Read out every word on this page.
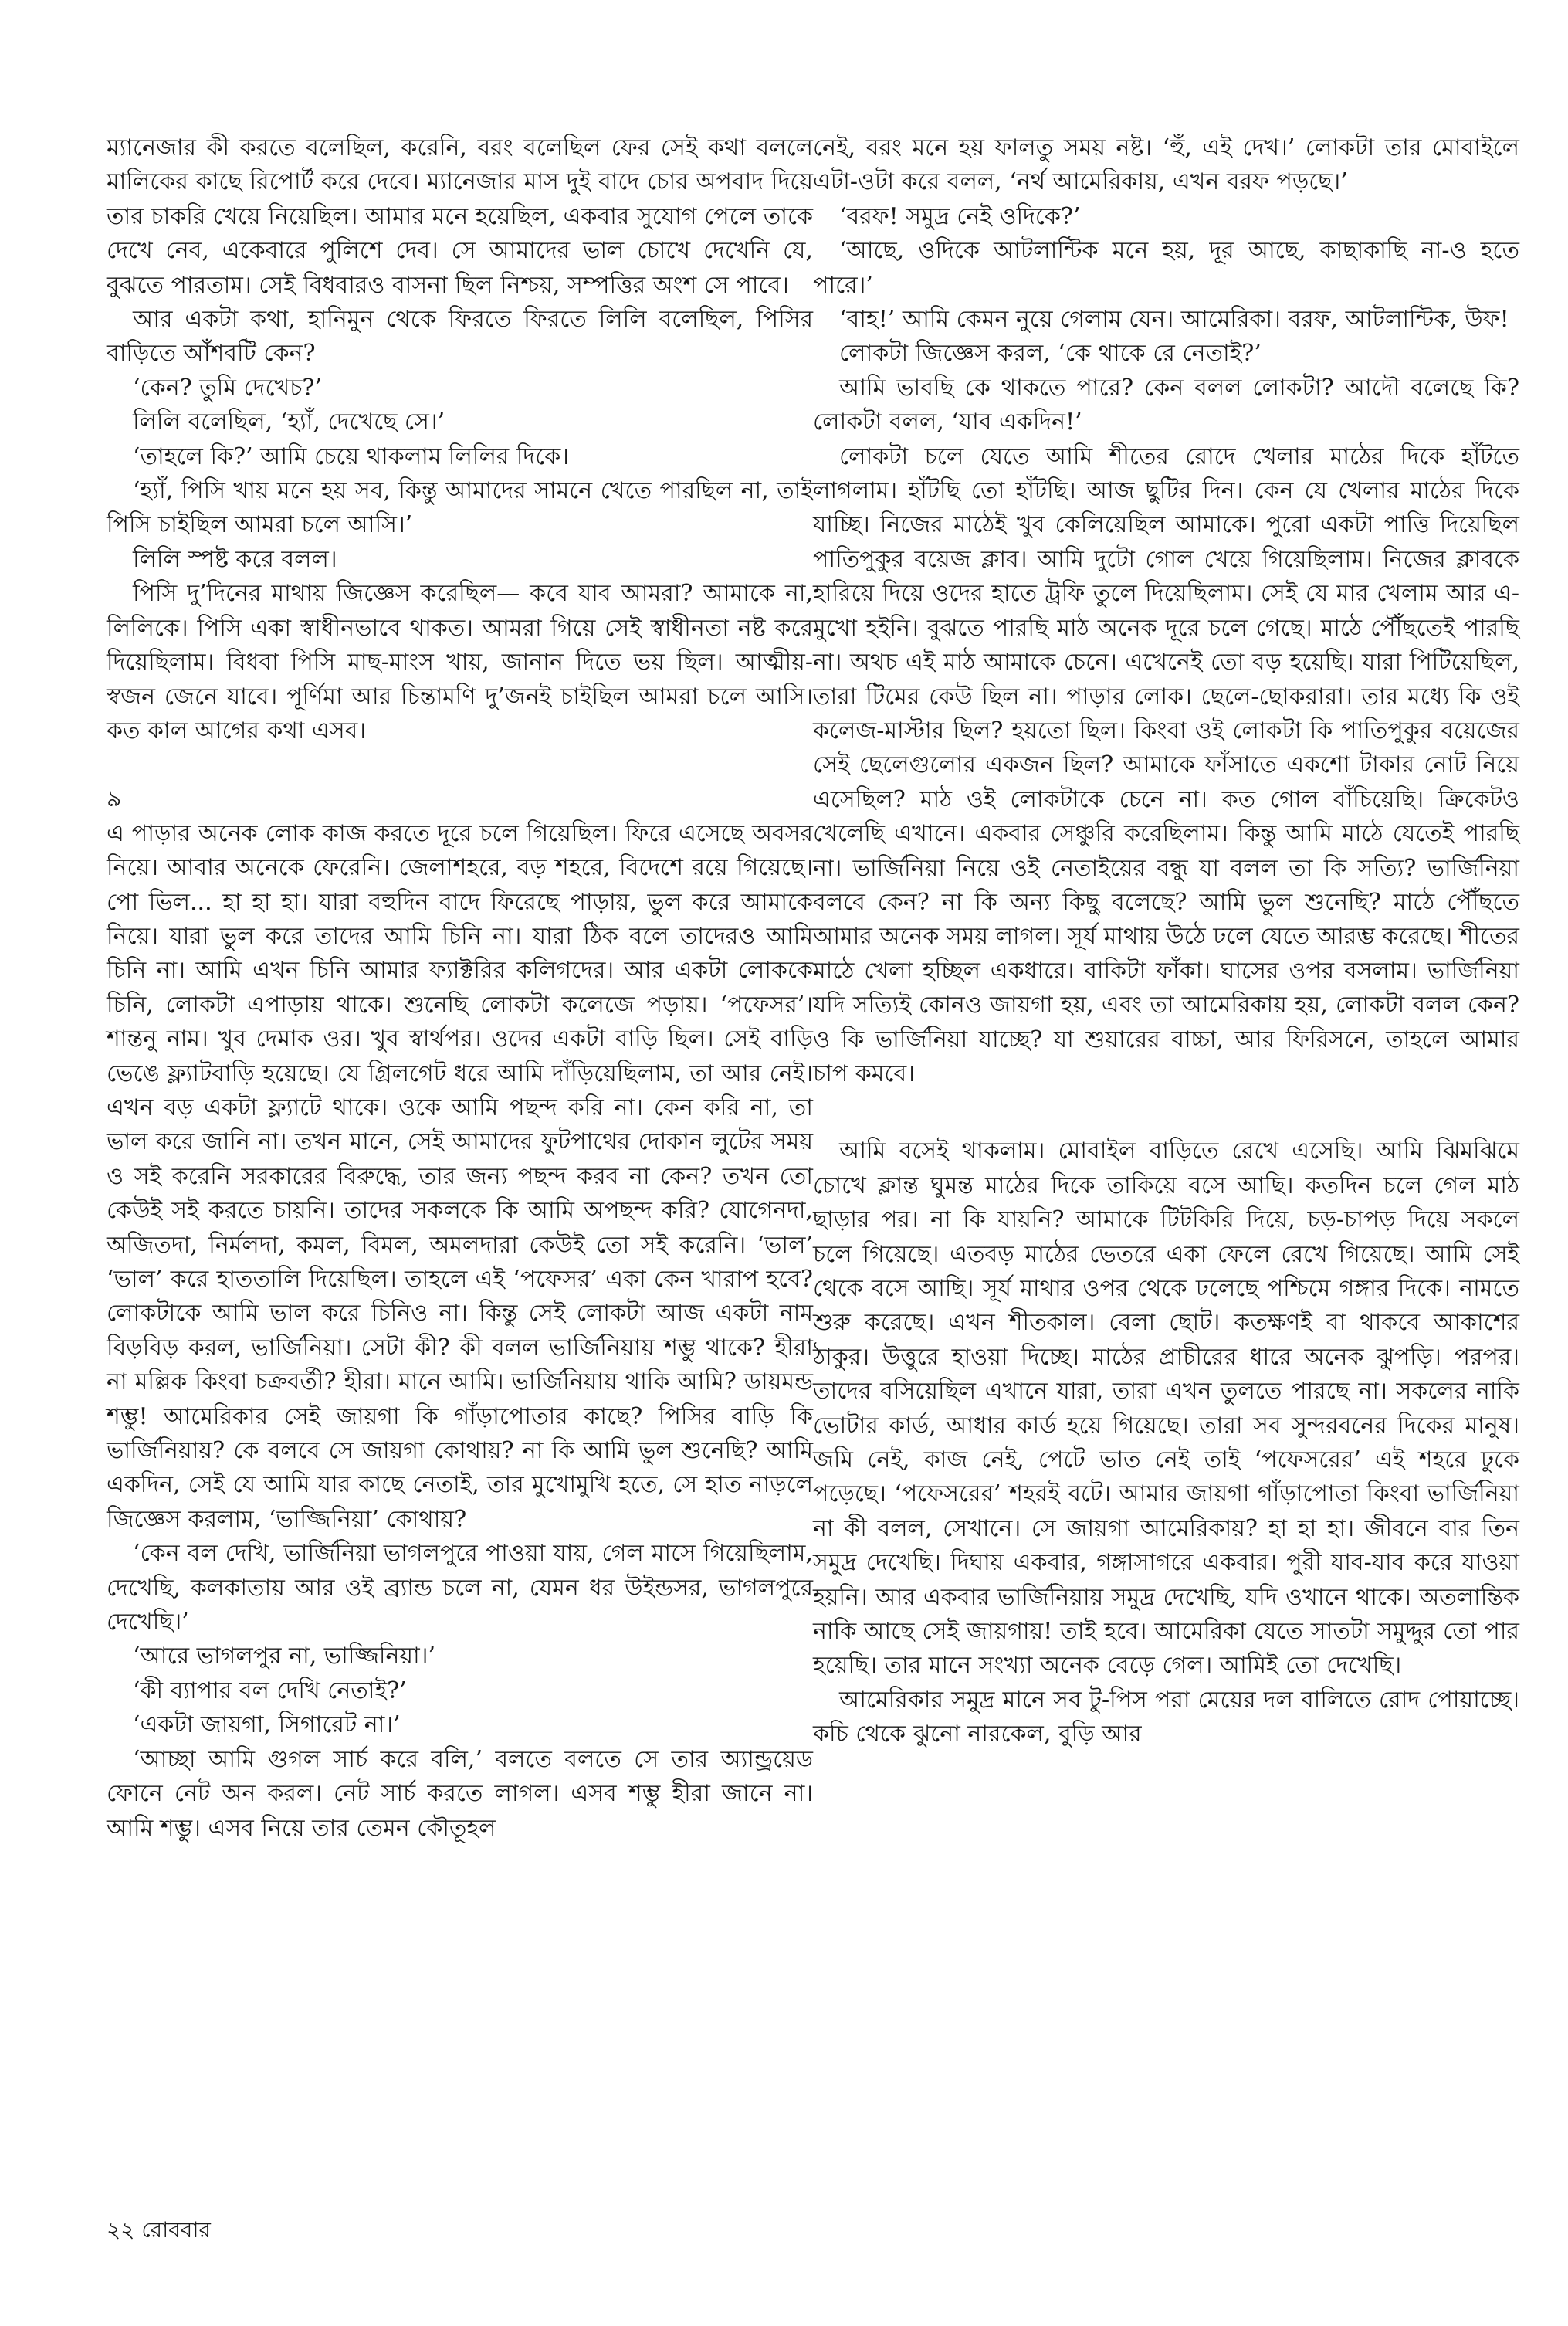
ম্যানেজার কী করতে বলেছিল, করেনি, বরং বলেছিল ফের সেই কথা বললে মালিকের কাছে রিপোর্ট করে দেবে। ম্যানেজার মাস দুই বাদে চোর অপবাদ দিয়ে তার চাকরি খেয়ে নিয়েছিল। আমার মনে হয়েছিল, একবার সুযোগ পেলে তাকে দেখে নেব, একেবারে পুলিশে দেব। সে আমাদের ভাল চোখে দেখেনি যে, বুঝতে পারতাম। সেই বিধবারও বাসনা ছিল নিশ্চয়, সম্পত্তির অংশ সে পাবে।

আর একটা কথা, হানিমুন থেকে ফিরতে ফিরতে লিলি বলেছিল, পিসির বাড়িতে আঁশবটি কেন?

‘কেন? তুমি দেখেচ?’

লিলি বলেছিল, ‘হ্যাঁ, দেখেছে সে।’

‘তাহলে কি?’ আমি চেয়ে থাকলাম লিলির দিকে।

‘হ্যাঁ, পিসি খায় মনে হয় সব, কিন্তু আমাদের সামনে খেতে পারছিল না, তাই পিসি চাইছিল আমরা চলে আসি।’

লিলি স্পষ্ট করে বলল।

পিসি দু’দিনের মাথায় জিজ্ঞেস করেছিল— কবে যাব আমরা? আমাকে না, লিলিকে। পিসি একা স্বাধীনভাবে থাকত। আমরা গিয়ে সেই স্বাধীনতা নষ্ট করে দিয়েছিলাম। বিধবা পিসি মাছ-মাংস খায়, জানান দিতে ভয় ছিল। আত্মীয়-স্বজন জেনে যাবে। পূর্ণিমা আর চিন্তামণি দু’জনই চাইছিল আমরা চলে আসি। কত কাল আগের কথা এসব।

৯

এ পাড়ার অনেক লোক কাজ করতে দূরে চলে গিয়েছিল। ফিরে এসেছে অবসর নিয়ে। আবার অনেকে ফেরেনি। জেলাশহরে, বড় শহরে, বিদেশে রয়ে গিয়েছে। পো ভিল... হা হা হা। যারা বহুদিন বাদে ফিরেছে পাড়ায়, ভুল করে আমাকে নিয়ে। যারা ভুল করে তাদের আমি চিনি না। যারা ঠিক বলে তাদেরও আমি চিনি না। আমি এখন চিনি আমার ফ্যাক্টরির কলিগদের। আর একটা লোককে চিনি, লোকটা এপাড়ায় থাকে। শুনেছি লোকটা কলেজে পড়ায়। ‘পফেসর’। শান্তনু নাম। খুব দেমাক ওর। খুব স্বার্থপর। ওদের একটা বাড়ি ছিল। সেই বাড়ি ভেঙে ফ্ল্যাটবাড়ি হয়েছে। যে গ্রিলগেট ধরে আমি দাঁড়িয়েছিলাম, তা আর নেই। এখন বড় একটা ফ্ল্যাটে থাকে। ওকে আমি পছন্দ করি না। কেন করি না, তা ভাল করে জানি না। তখন মানে, সেই আমাদের ফুটপাথের দোকান লুটের সময় ও সই করেনি সরকারের বিরুদ্ধে, তার জন্য পছন্দ করব না কেন? তখন তো কেউই সই করতে চায়নি। তাদের সকলকে কি আমি অপছন্দ করি? যোগেনদা, অজিতদা, নির্মলদা, কমল, বিমল, অমলদারা কেউই তো সই করেনি। ‘ভাল’ ‘ভাল’ করে হাততালি দিয়েছিল। তাহলে এই ‘পফেসর’ একা কেন খারাপ হবে? লোকটাকে আমি ভাল করে চিনিও না। কিন্তু সেই লোকটা আজ একটা নাম বিড়বিড় করল, ভার্জিনিয়া। সেটা কী? কী বলল ভার্জিনিয়ায় শম্ভু থাকে? হীরা না মল্লিক কিংবা চক্রবর্তী? হীরা। মানে আমি। ভার্জিনিয়ায় থাকি আমি? ডায়মন্ড শম্ভু! আমেরিকার সেই জায়গা কি গাঁড়াপোতার কাছে? পিসির বাড়ি কি ভার্জিনিয়ায়? কে বলবে সে জায়গা কোথায়? না কি আমি ভুল শুনেছি? আমি একদিন, সেই যে আমি যার কাছে নেতাই, তার মুখোমুখি হতে, সে হাত নাড়লে জিজ্ঞেস করলাম, ‘ভাজ্জিনিয়া’ কোথায়?

‘কেন বল দেখি, ভার্জিনিয়া ভাগলপুরে পাওয়া যায়, গেল মাসে গিয়েছিলাম, দেখেছি, কলকাতায় আর ওই ব্র্যান্ড চলে না, যেমন ধর উইন্ডসর, ভাগলপুরে দেখেছি।’

‘আরে ভাগলপুর না, ভাজ্জিনিয়া।’

‘কী ব্যাপার বল দেখি নেতাই?’

‘একটা জায়গা, সিগারেট না।’

‘আচ্ছা আমি গুগল সার্চ করে বলি,’ বলতে বলতে সে তার অ্যান্ড্রয়েড ফোনে নেট অন করল। নেট সার্চ করতে লাগল। এসব শম্ভু হীরা জানে না। আমি শম্ভু। এসব নিয়ে তার তেমন কৌতূহল

নেই, বরং মনে হয় ফালতু সময় নষ্ট। ‘হুঁ, এই দেখ।’ লোকটা তার মোবাইলে এটা-ওটা করে বলল, ‘নর্থ আমেরিকায়, এখন বরফ পড়ছে।’

‘বরফ! সমুদ্র নেই ওদিকে?’

‘আছে, ওদিকে আটলান্টিক মনে হয়, দূর আছে, কাছাকাছি না-ও হতে পারে।’

‘বাহ!’ আমি কেমন নুয়ে গেলাম যেন। আমেরিকা। বরফ, আটলান্টিক, উফ!

লোকটা জিজ্ঞেস করল, ‘কে থাকে রে নেতাই?’

আমি ভাবছি কে থাকতে পারে? কেন বলল লোকটা? আদৌ বলেছে কি? লোকটা বলল, ‘যাব একদিন!’

লোকটা চলে যেতে আমি শীতের রোদে খেলার মাঠের দিকে হাঁটতে লাগলাম। হাঁটছি তো হাঁটছি। আজ ছুটির দিন। কেন যে খেলার মাঠের দিকে যাচ্ছি। নিজের মাঠেই খুব কেলিয়েছিল আমাকে। পুরো একটা পাত্তি দিয়েছিল পাতিপুকুর বয়েজ ক্লাব। আমি দুটো গোল খেয়ে গিয়েছিলাম। নিজের ক্লাবকে হারিয়ে দিয়ে ওদের হাতে ট্রফি তুলে দিয়েছিলাম। সেই যে মার খেলাম আর এ-মুখো হইনি। বুঝতে পারছি মাঠ অনেক দূরে চলে গেছে। মাঠে পৌঁছতেই পারছি না। অথচ এই মাঠ আমাকে চেনে। এখেনেই তো বড় হয়েছি। যারা পিটিয়েছিল, তারা টিমের কেউ ছিল না। পাড়ার লোক। ছেলে-ছোকরারা। তার মধ্যে কি ওই কলেজ-মাস্টার ছিল? হয়তো ছিল। কিংবা ওই লোকটা কি পাতিপুকুর বয়েজের সেই ছেলেগুলোর একজন ছিল? আমাকে ফাঁসাতে একশো টাকার নোট নিয়ে এসেছিল? মাঠ ওই লোকটাকে চেনে না। কত গোল বাঁচিয়েছি। ক্রিকেটও খেলেছি এখানে। একবার সেঞ্চুরি করেছিলাম। কিন্তু আমি মাঠে যেতেই পারছি না। ভার্জিনিয়া নিয়ে ওই নেতাইয়ের বন্ধু যা বলল তা কি সত্যি? ভার্জিনিয়া বলবে কেন? না কি অন্য কিছু বলেছে? আমি ভুল শুনেছি? মাঠে পৌঁছতে আমার অনেক সময় লাগল। সূর্য মাথায় উঠে ঢলে যেতে আরম্ভ করেছে। শীতের মাঠে খেলা হচ্ছিল একধারে। বাকিটা ফাঁকা। ঘাসের ওপর বসলাম। ভার্জিনিয়া যদি সত্যিই কোনও জায়গা হয়, এবং তা আমেরিকায় হয়, লোকটা বলল কেন? ও কি ভার্জিনিয়া যাচ্ছে? যা শুয়ারের বাচ্চা, আর ফিরিসনে, তাহলে আমার চাপ কমবে।

আমি বসেই থাকলাম। মোবাইল বাড়িতে রেখে এসেছি। আমি ঝিমঝিমে চোখে ক্লান্ত ঘুমন্ত মাঠের দিকে তাকিয়ে বসে আছি। কতদিন চলে গেল মাঠ ছাড়ার পর। না কি যায়নি? আমাকে টিটকিরি দিয়ে, চড়-চাপড় দিয়ে সকলে চলে গিয়েছে। এতবড় মাঠের ভেতরে একা ফেলে রেখে গিয়েছে। আমি সেই থেকে বসে আছি। সূর্য মাথার ওপর থেকে ঢলেছে পশ্চিমে গঙ্গার দিকে। নামতে শুরু করেছে। এখন শীতকাল। বেলা ছোট। কতক্ষণই বা থাকবে আকাশের ঠাকুর। উত্তুরে হাওয়া দিচ্ছে। মাঠের প্রাচীরের ধারে অনেক ঝুপড়ি। পরপর। তাদের বসিয়েছিল এখানে যারা, তারা এখন তুলতে পারছে না। সকলের নাকি ভোটার কার্ড, আধার কার্ড হয়ে গিয়েছে। তারা সব সুন্দরবনের দিকের মানুষ। জমি নেই, কাজ নেই, পেটে ভাত নেই তাই ‘পফেসরের’ এই শহরে ঢুকে পড়েছে। ‘পফেসরের’ শহরই বটে। আমার জায়গা গাঁড়াপোতা কিংবা ভার্জিনিয়া না কী বলল, সেখানে। সে জায়গা আমেরিকায়? হা হা হা। জীবনে বার তিন সমুদ্র দেখেছি। দিঘায় একবার, গঙ্গাসাগরে একবার। পুরী যাব-যাব করে যাওয়া হয়নি। আর একবার ভার্জিনিয়ায় সমুদ্র দেখেছি, যদি ওখানে থাকে। অতলান্তিক নাকি আছে সেই জায়গায়! তাই হবে। আমেরিকা যেতে সাতটা সমুদ্দুর তো পার হয়েছি। তার মানে সংখ্যা অনেক বেড়ে গেল। আমিই তো দেখেছি।

আমেরিকার সমুদ্র মানে সব টু-পিস পরা মেয়ের দল বালিতে রোদ পোয়াচ্ছে। কচি থেকে ঝুনো নারকেল, বুড়ি আর

২২ রোববার
